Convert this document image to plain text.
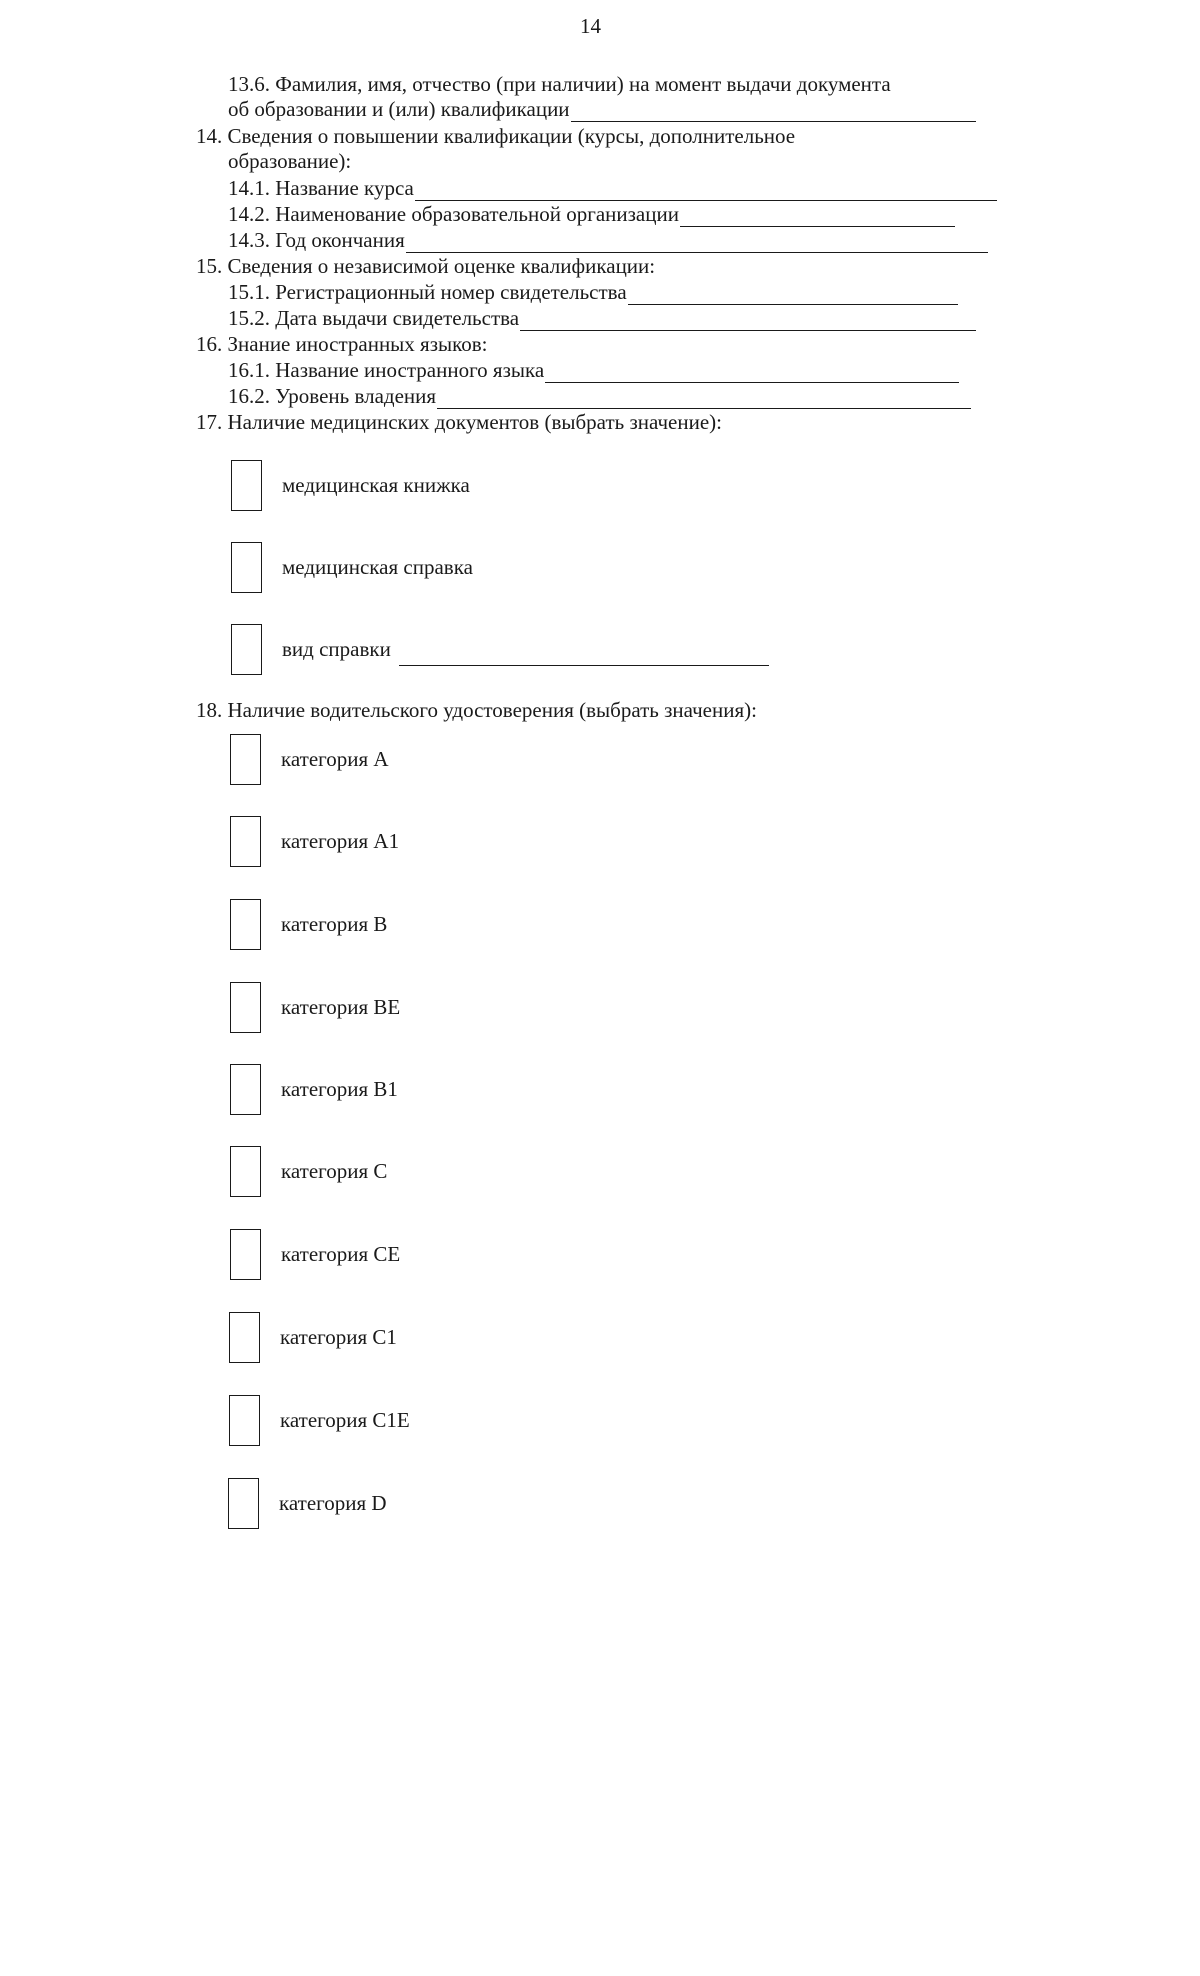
14
13.6. Фамилия, имя, отчество (при наличии) на момент выдачи документа
об образовании и (или) квалификации
14. Сведения о повышении квалификации (курсы, дополнительное
образование):
14.1. Название курса
14.2. Наименование образовательной организации
14.3. Год окончания
15. Сведения о независимой оценке квалификации:
15.1. Регистрационный номер свидетельства
15.2. Дата выдачи свидетельства
16. Знание иностранных языков:
16.1. Название иностранного языка
16.2. Уровень владения
17. Наличие медицинских документов (выбрать значение):
медицинская книжка
медицинская справка
вид справки
18. Наличие водительского удостоверения (выбрать значения):
категория А
категория А1
категория В
категория ВЕ
категория В1
категория С
категория СЕ
категория С1
категория С1Е
категория D
